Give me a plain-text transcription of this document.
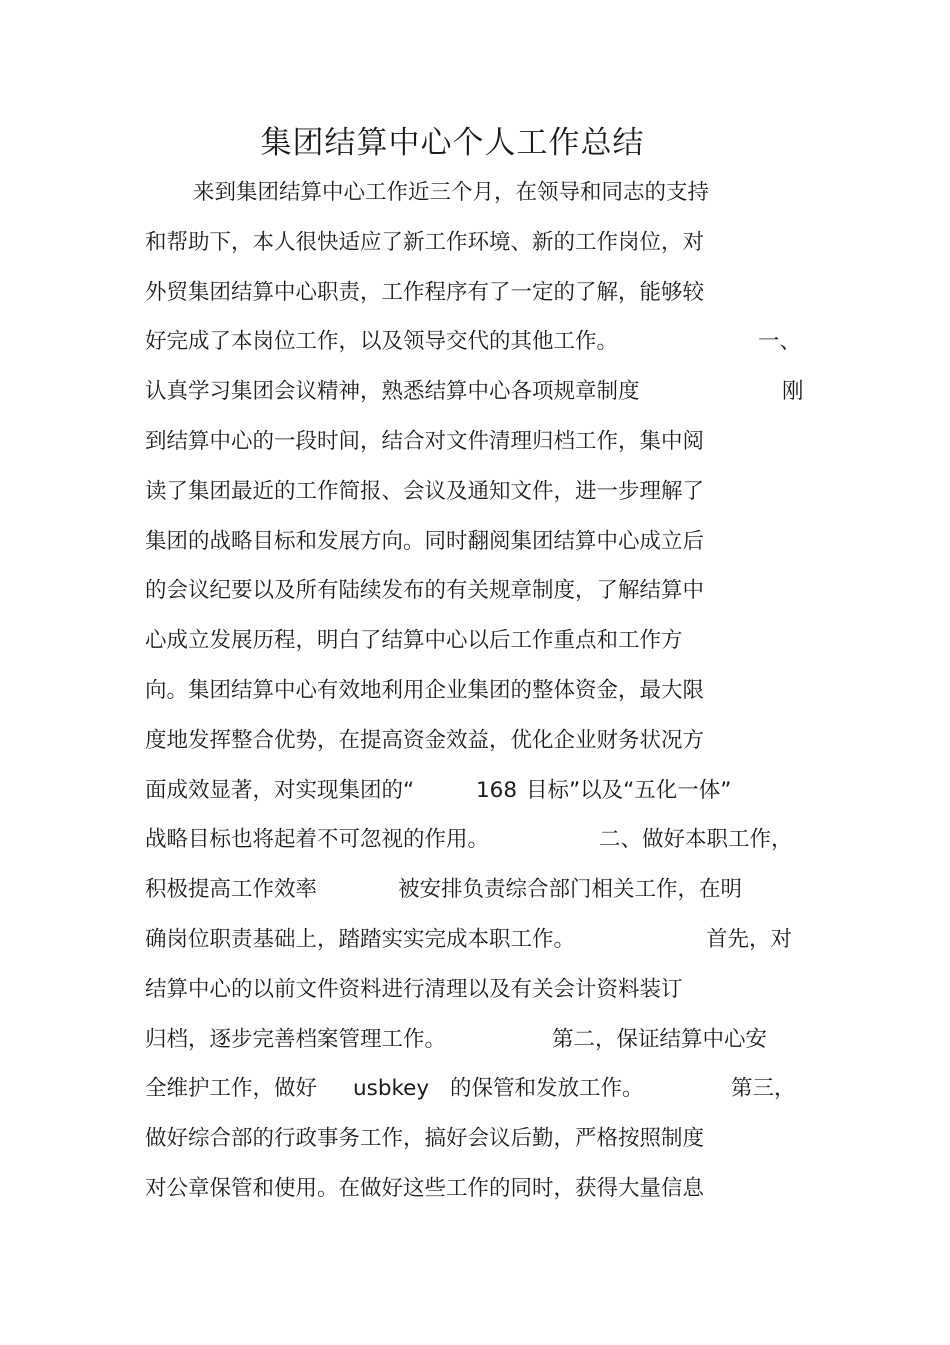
集团结算中心个人工作总结
来到集团结算中心工作近三个月，在领导和同志的支持
和帮助下，本人很快适应了新工作环境、新的工作岗位，对
外贸集团结算中心职责，工作程序有了一定的了解，能够较
好完成了本岗位工作，以及领导交代的其他工作。	一、
认真学习集团会议精神，熟悉结算中心各项规章制度	刚
到结算中心的一段时间，结合对文件清理归档工作，集中阅
读了集团最近的工作简报、会议及通知文件，进一步理解了
集团的战略目标和发展方向。同时翻阅集团结算中心成立后
的会议纪要以及所有陆续发布的有关规章制度，了解结算中
心成立发展历程，明白了结算中心以后工作重点和工作方
向。集团结算中心有效地利用企业集团的整体资金，最大限
度地发挥整合优势，在提高资金效益，优化企业财务状况方
面成效显著，对实现集团的“	168 目标”以及“五化一体”
战略目标也将起着不可忽视的作用。	二、做好本职工作，
积极提高工作效率	被安排负责综合部门相关工作，在明
确岗位职责基础上，踏踏实实完成本职工作。	首先，对
结算中心的以前文件资料进行清理以及有关会计资料装订
归档，逐步完善档案管理工作。	第二，保证结算中心安
全维护工作，做好 usbkey 的保管和发放工作。	第三，
做好综合部的行政事务工作，搞好会议后勤，严格按照制度
对公章保管和使用。在做好这些工作的同时，获得大量信息
